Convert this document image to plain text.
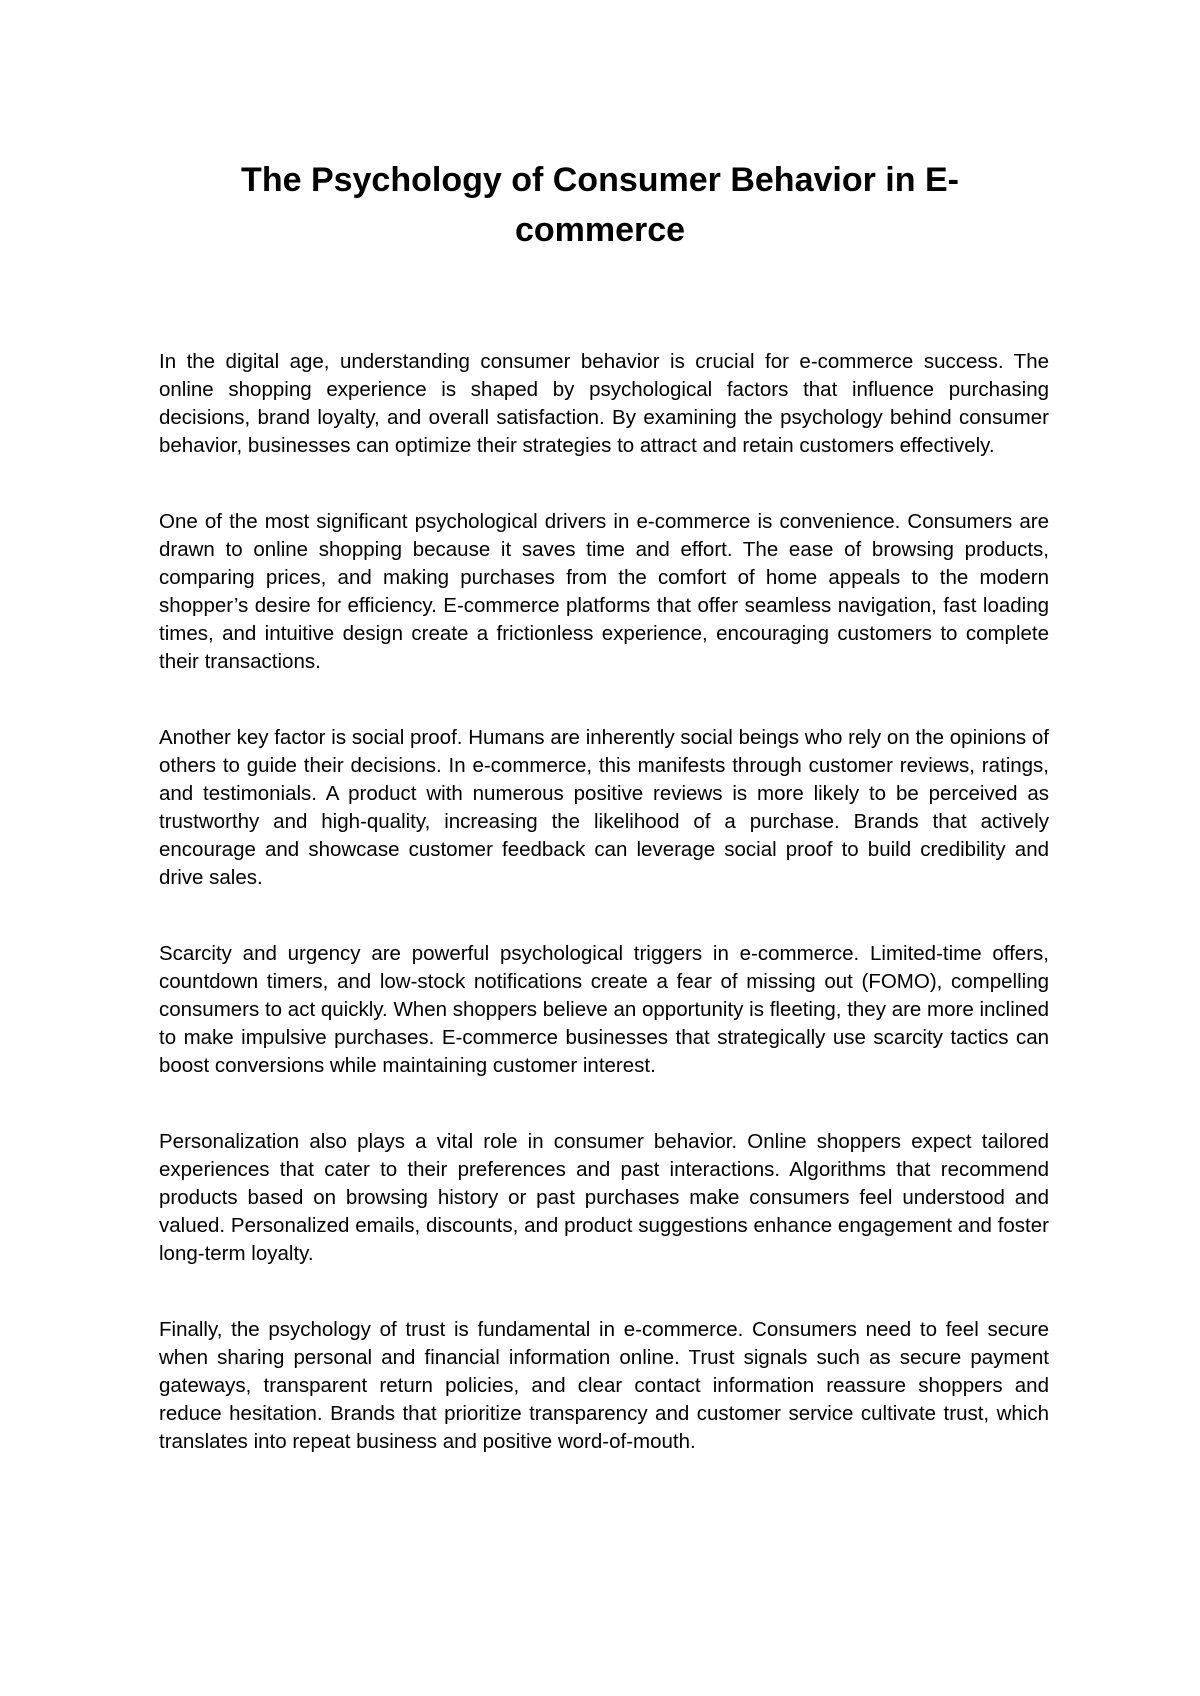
The Psychology of Consumer Behavior in E-commerce

In the digital age, understanding consumer behavior is crucial for e-commerce success. The online shopping experience is shaped by psychological factors that influence purchasing decisions, brand loyalty, and overall satisfaction. By examining the psychology behind consumer behavior, businesses can optimize their strategies to attract and retain customers effectively.

One of the most significant psychological drivers in e-commerce is convenience. Consumers are drawn to online shopping because it saves time and effort. The ease of browsing products, comparing prices, and making purchases from the comfort of home appeals to the modern shopper’s desire for efficiency. E-commerce platforms that offer seamless navigation, fast loading times, and intuitive design create a frictionless experience, encouraging customers to complete their transactions.

Another key factor is social proof. Humans are inherently social beings who rely on the opinions of others to guide their decisions. In e-commerce, this manifests through customer reviews, ratings, and testimonials. A product with numerous positive reviews is more likely to be perceived as trustworthy and high-quality, increasing the likelihood of a purchase. Brands that actively encourage and showcase customer feedback can leverage social proof to build credibility and drive sales.

Scarcity and urgency are powerful psychological triggers in e-commerce. Limited-time offers, countdown timers, and low-stock notifications create a fear of missing out (FOMO), compelling consumers to act quickly. When shoppers believe an opportunity is fleeting, they are more inclined to make impulsive purchases. E-commerce businesses that strategically use scarcity tactics can boost conversions while maintaining customer interest.

Personalization also plays a vital role in consumer behavior. Online shoppers expect tailored experiences that cater to their preferences and past interactions. Algorithms that recommend products based on browsing history or past purchases make consumers feel understood and valued. Personalized emails, discounts, and product suggestions enhance engagement and foster long-term loyalty.

Finally, the psychology of trust is fundamental in e-commerce. Consumers need to feel secure when sharing personal and financial information online. Trust signals such as secure payment gateways, transparent return policies, and clear contact information reassure shoppers and reduce hesitation. Brands that prioritize transparency and customer service cultivate trust, which translates into repeat business and positive word-of-mouth.
